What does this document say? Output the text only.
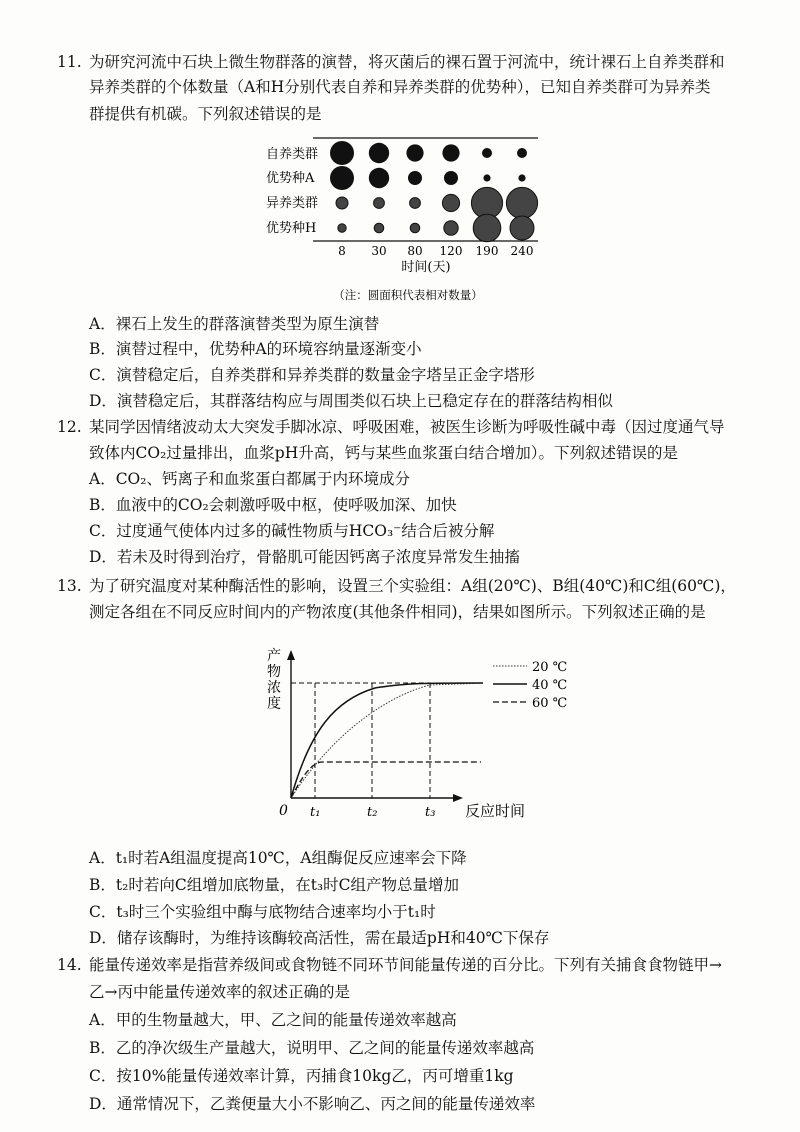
11. 为研究河流中石块上微生物群落的演替，将灭菌后的裸石置于河流中，统计裸石上自养类群和
异养类群的个体数量（A和H分别代表自养和异养类群的优势种），已知自养类群可为异养类
群提供有机碳。下列叙述错误的是
自养类群
优势种A
异养类群
优势种H
8 30 80 120 190 240
时间(天)
（注：圆面积代表相对数量）
A．裸石上发生的群落演替类型为原生演替
B．演替过程中，优势种A的环境容纳量逐渐变小
C．演替稳定后，自养类群和异养类群的数量金字塔呈正金字塔形
D．演替稳定后，其群落结构应与周围类似石块上已稳定存在的群落结构相似
12. 某同学因情绪波动太大突发手脚冰凉、呼吸困难，被医生诊断为呼吸性碱中毒（因过度通气导
致体内CO₂过量排出，血浆pH升高，钙与某些血浆蛋白结合增加）。下列叙述错误的是
A．CO₂、钙离子和血浆蛋白都属于内环境成分
B．血液中的CO₂会刺激呼吸中枢，使呼吸加深、加快
C．过度通气使体内过多的碱性物质与HCO₃⁻结合后被分解
D．若未及时得到治疗，骨骼肌可能因钙离子浓度异常发生抽搐
13. 为了研究温度对某种酶活性的影响，设置三个实验组：A组(20℃)、B组(40℃)和C组(60℃)，
测定各组在不同反应时间内的产物浓度(其他条件相同)，结果如图所示。下列叙述正确的是
产物浓度
0 t₁	t₂	t₃ 反应时间
20 ℃
40 ℃
60 ℃
A．t₁时若A组温度提高10℃，A组酶促反应速率会下降
B．t₂时若向C组增加底物量，在t₃时C组产物总量增加
C．t₃时三个实验组中酶与底物结合速率均小于t₁时
D．储存该酶时，为维持该酶较高活性，需在最适pH和40℃下保存
14. 能量传递效率是指营养级间或食物链不同环节间能量传递的百分比。下列有关捕食食物链甲→
乙→丙中能量传递效率的叙述正确的是
A．甲的生物量越大，甲、乙之间的能量传递效率越高
B．乙的净次级生产量越大，说明甲、乙之间的能量传递效率越高
C．按10%能量传递效率计算，丙捕食10kg乙，丙可增重1kg
D．通常情况下，乙粪便量大小不影响乙、丙之间的能量传递效率
